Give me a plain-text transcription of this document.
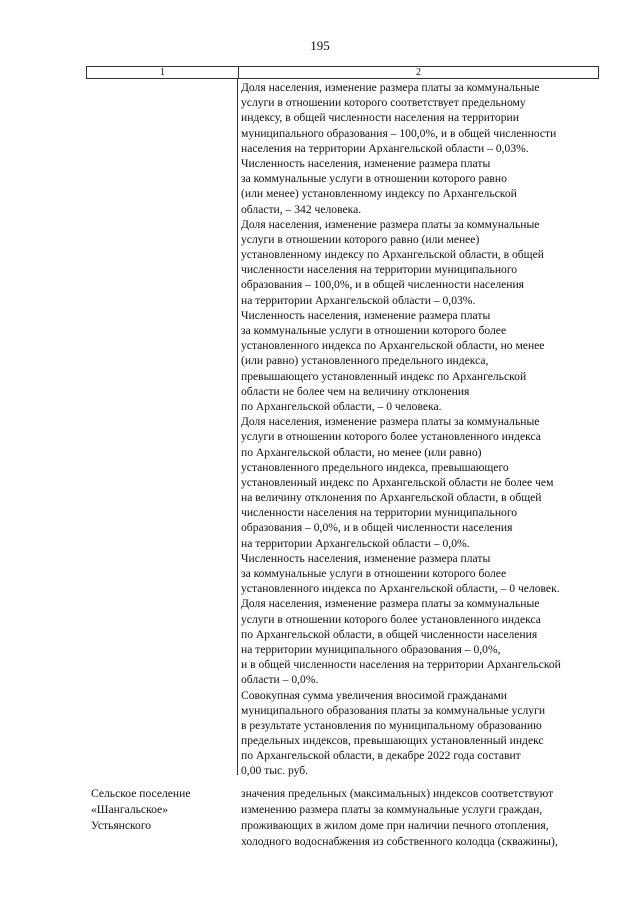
195
1	2

Доля населения, изменение размера платы за коммунальные

услуги в отношении которого соответствует предельному

индексу, в общей численности населения на территории

муниципального образования – 100,0%, и в общей численности

населения на территории Архангельской области – 0,03%.

Численность населения, изменение размера платы

за коммунальные услуги в отношении которого равно

(или менее) установленному индексу по Архангельской

области, – 342 человека.

Доля населения, изменение размера платы за коммунальные

услуги в отношении которого равно (или менее)

установленному индексу по Архангельской области, в общей

численности населения на территории муниципального

образования – 100,0%, и в общей численности населения

на территории Архангельской области – 0,03%.

Численность населения, изменение размера платы

за коммунальные услуги в отношении которого более

установленного индекса по Архангельской области, но менее

(или равно) установленного предельного индекса,

превышающего установленный индекс по Архангельской

области не более чем на величину отклонения

по Архангельской области, – 0 человека.

Доля населения, изменение размера платы за коммунальные

услуги в отношении которого более установленного индекса

по Архангельской области, но менее (или равно)

установленного предельного индекса, превышающего

установленный индекс по Архангельской области не более чем

на величину отклонения по Архангельской области, в общей

численности населения на территории муниципального

образования – 0,0%, и в общей численности населения

на территории Архангельской области – 0,0%.

Численность населения, изменение размера платы

за коммунальные услуги в отношении которого более

установленного индекса по Архангельской области, – 0 человек.

Доля населения, изменение размера платы за коммунальные

услуги в отношении которого более установленного индекса

по Архангельской области, в общей численности населения

на территории муниципального образования – 0,0%,

и в общей численности населения на территории Архангельской

области – 0,0%.

Совокупная сумма увеличения вносимой гражданами

муниципального образования платы за коммунальные услуги

в результате установления по муниципальному образованию

предельных индексов, превышающих установленный индекс

по Архангельской области, в декабре 2022 года составит

0,00 тыс. руб.

Сельское поселение

«Шангальское»

Устьянского

значения предельных (максимальных) индексов соответствуют

изменению размера платы за коммунальные услуги граждан,

проживающих в жилом доме при наличии печного отопления,

холодного водоснабжения из собственного колодца (скважины),
